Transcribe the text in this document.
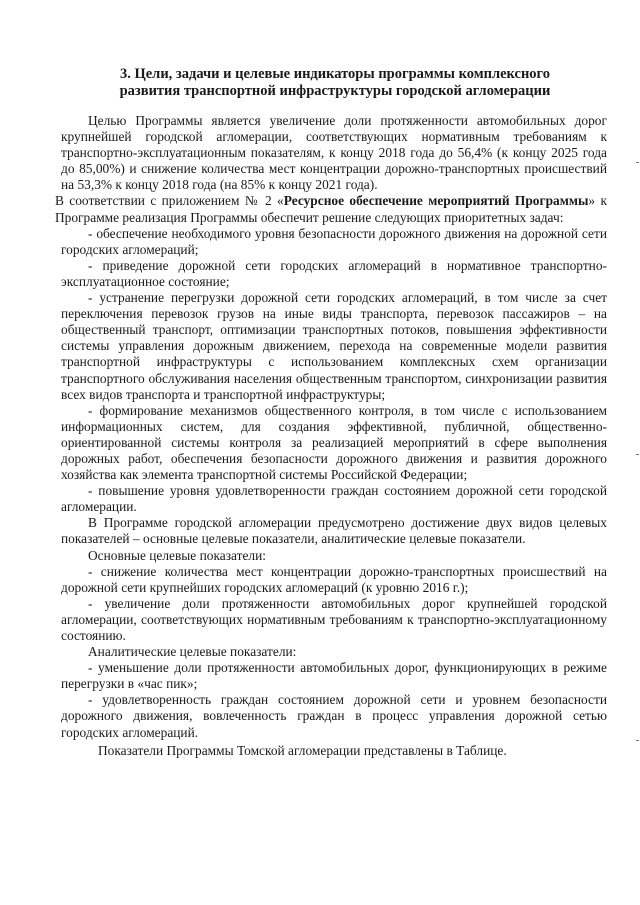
3. Цели, задачи и целевые индикаторы программы комплексного
развития транспортной инфраструктуры городской агломерации

Целью Программы является увеличение доли протяженности автомобильных дорог крупнейшей городской агломерации, соответствующих нормативным требованиям к транспортно-эксплуатационным показателям, к концу 2018 года до 56,4% (к концу 2025 года до 85,00%) и снижение количества мест концентрации дорожно-транспортных происшествий на 53,3% к концу 2018 года (на 85% к концу 2021 года).

В соответствии с приложением № 2 «Ресурсное обеспечение мероприятий Программы» к Программе реализация Программы обеспечит решение следующих приоритетных задач:

- обеспечение необходимого уровня безопасности дорожного движения на дорожной сети городских агломераций;

- приведение дорожной сети городских агломераций в нормативное транспортно-эксплуатационное состояние;

- устранение перегрузки дорожной сети городских агломераций, в том числе за счет переключения перевозок грузов на иные виды транспорта, перевозок пассажиров – на общественный транспорт, оптимизации транспортных потоков, повышения эффективности системы управления дорожным движением, перехода на современные модели развития транспортной инфраструктуры с использованием комплексных схем организации транспортного обслуживания населения общественным транспортом, синхронизации развития всех видов транспорта и транспортной инфраструктуры;

- формирование механизмов общественного контроля, в том числе с использованием информационных систем, для создания эффективной, публичной, общественно-ориентированной системы контроля за реализацией мероприятий в сфере выполнения дорожных работ, обеспечения безопасности дорожного движения и развития дорожного хозяйства как элемента транспортной системы Российской Федерации;

- повышение уровня удовлетворенности граждан состоянием дорожной сети городской агломерации.

В Программе городской агломерации предусмотрено достижение двух видов целевых показателей – основные целевые показатели, аналитические целевые показатели.

Основные целевые показатели:

- снижение количества мест концентрации дорожно-транспортных происшествий на дорожной сети крупнейших городских агломераций (к уровню 2016 г.);

- увеличение доли протяженности автомобильных дорог крупнейшей городской агломерации, соответствующих нормативным требованиям к транспортно-эксплуатационному состоянию.

Аналитические целевые показатели:

- уменьшение доли протяженности автомобильных дорог, функционирующих в режиме перегрузки в «час пик»;

- удовлетворенность граждан состоянием дорожной сети и уровнем безопасности дорожного движения, вовлеченность граждан в процесс управления дорожной сетью городских агломераций.

Показатели Программы Томской агломерации представлены в Таблице.
